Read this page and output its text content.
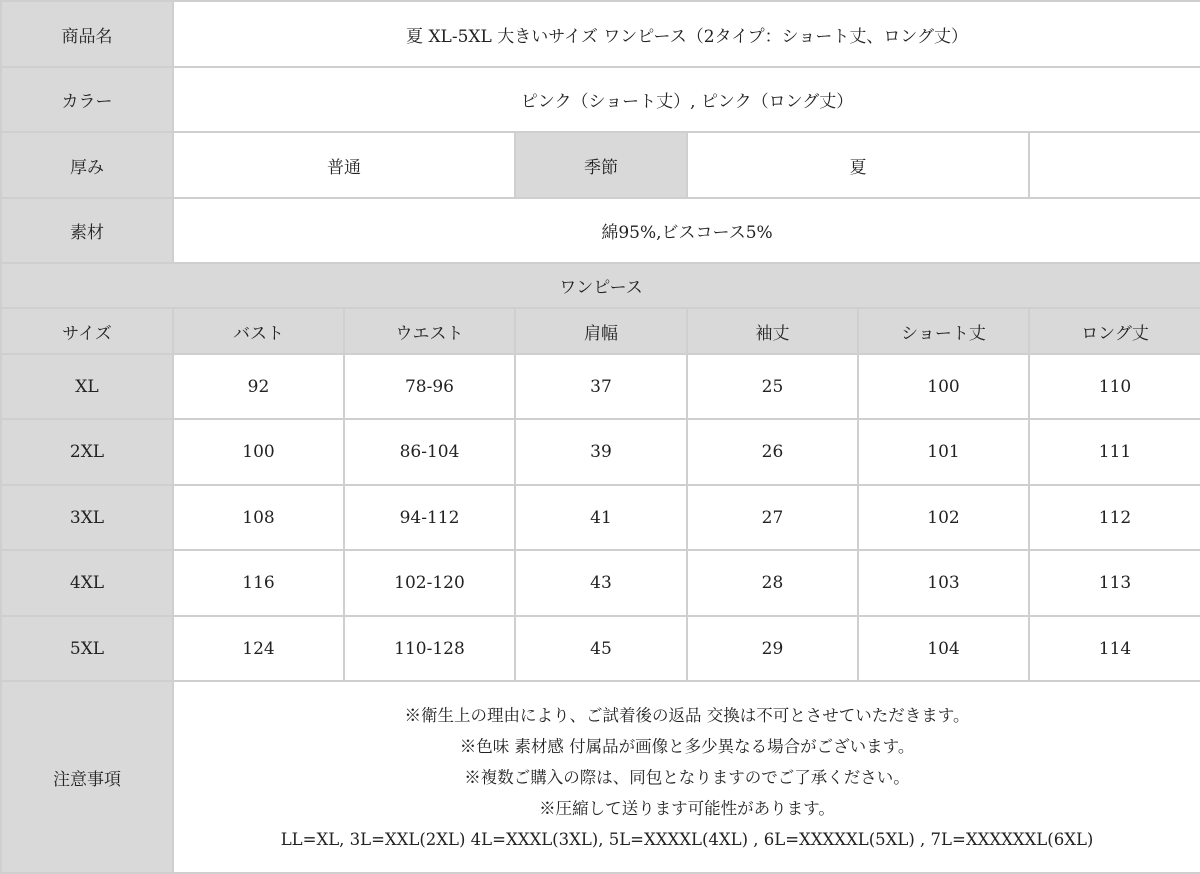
商品名	夏 XL-5XL 大きいサイズ ワンピース（2タイプ：ショート丈、ロング丈）					
カラー	ピンク（ショート丈）, ピンク（ロング丈）					
厚み	普通		季節	夏		
素材	綿95%,ビスコース5%					
ワンピース						
サイズ	バスト	ウエスト	肩幅	袖丈	ショート丈	ロング丈
XL	92	78-96	37	25	100	110
2XL	100	86-104	39	26	101	111
3XL	108	94-112	41	27	102	112
4XL	116	102-120	43	28	103	113
5XL	124	110-128	45	29	104	114
注意事項	※衛生上の理由により、ご試着後の返品 交換は不可とさせていただきます。
※色味 素材感 付属品が画像と多少異なる場合がございます。
※複数ご購入の際は、同包となりますのでご了承ください。
※圧縮して送ります可能性があります。
LL=XL, 3L=XXL(2XL) 4L=XXXL(3XL), 5L=XXXXL(4XL) , 6L=XXXXXL(5XL) , 7L=XXXXXXL(6XL)					
